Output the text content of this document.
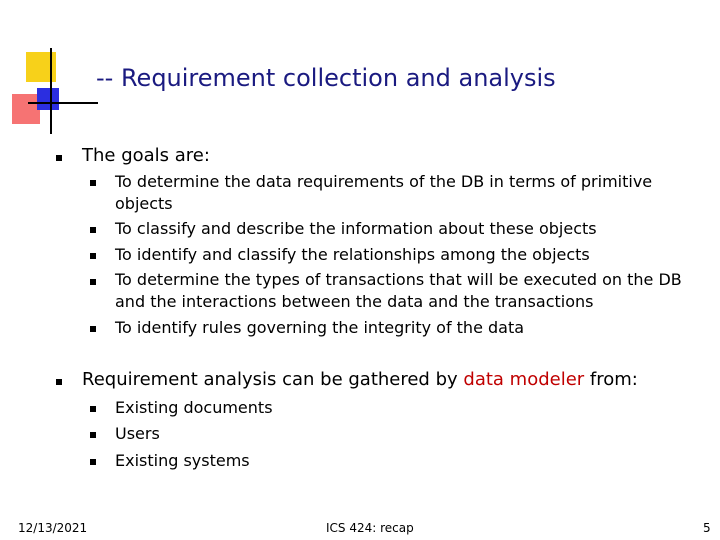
-- Requirement collection and analysis
The goals are:
To determine the data requirements of the DB in terms of primitive objects
To classify and describe the information about these objects
To identify and classify the relationships among the objects
To determine the types of transactions that will be executed on the DB and the interactions between the data and the transactions
To identify rules governing the integrity of the data
Requirement analysis can be gathered by data modeler from:
Existing documents
Users
Existing systems
12/13/2021	ICS 424: recap	5
